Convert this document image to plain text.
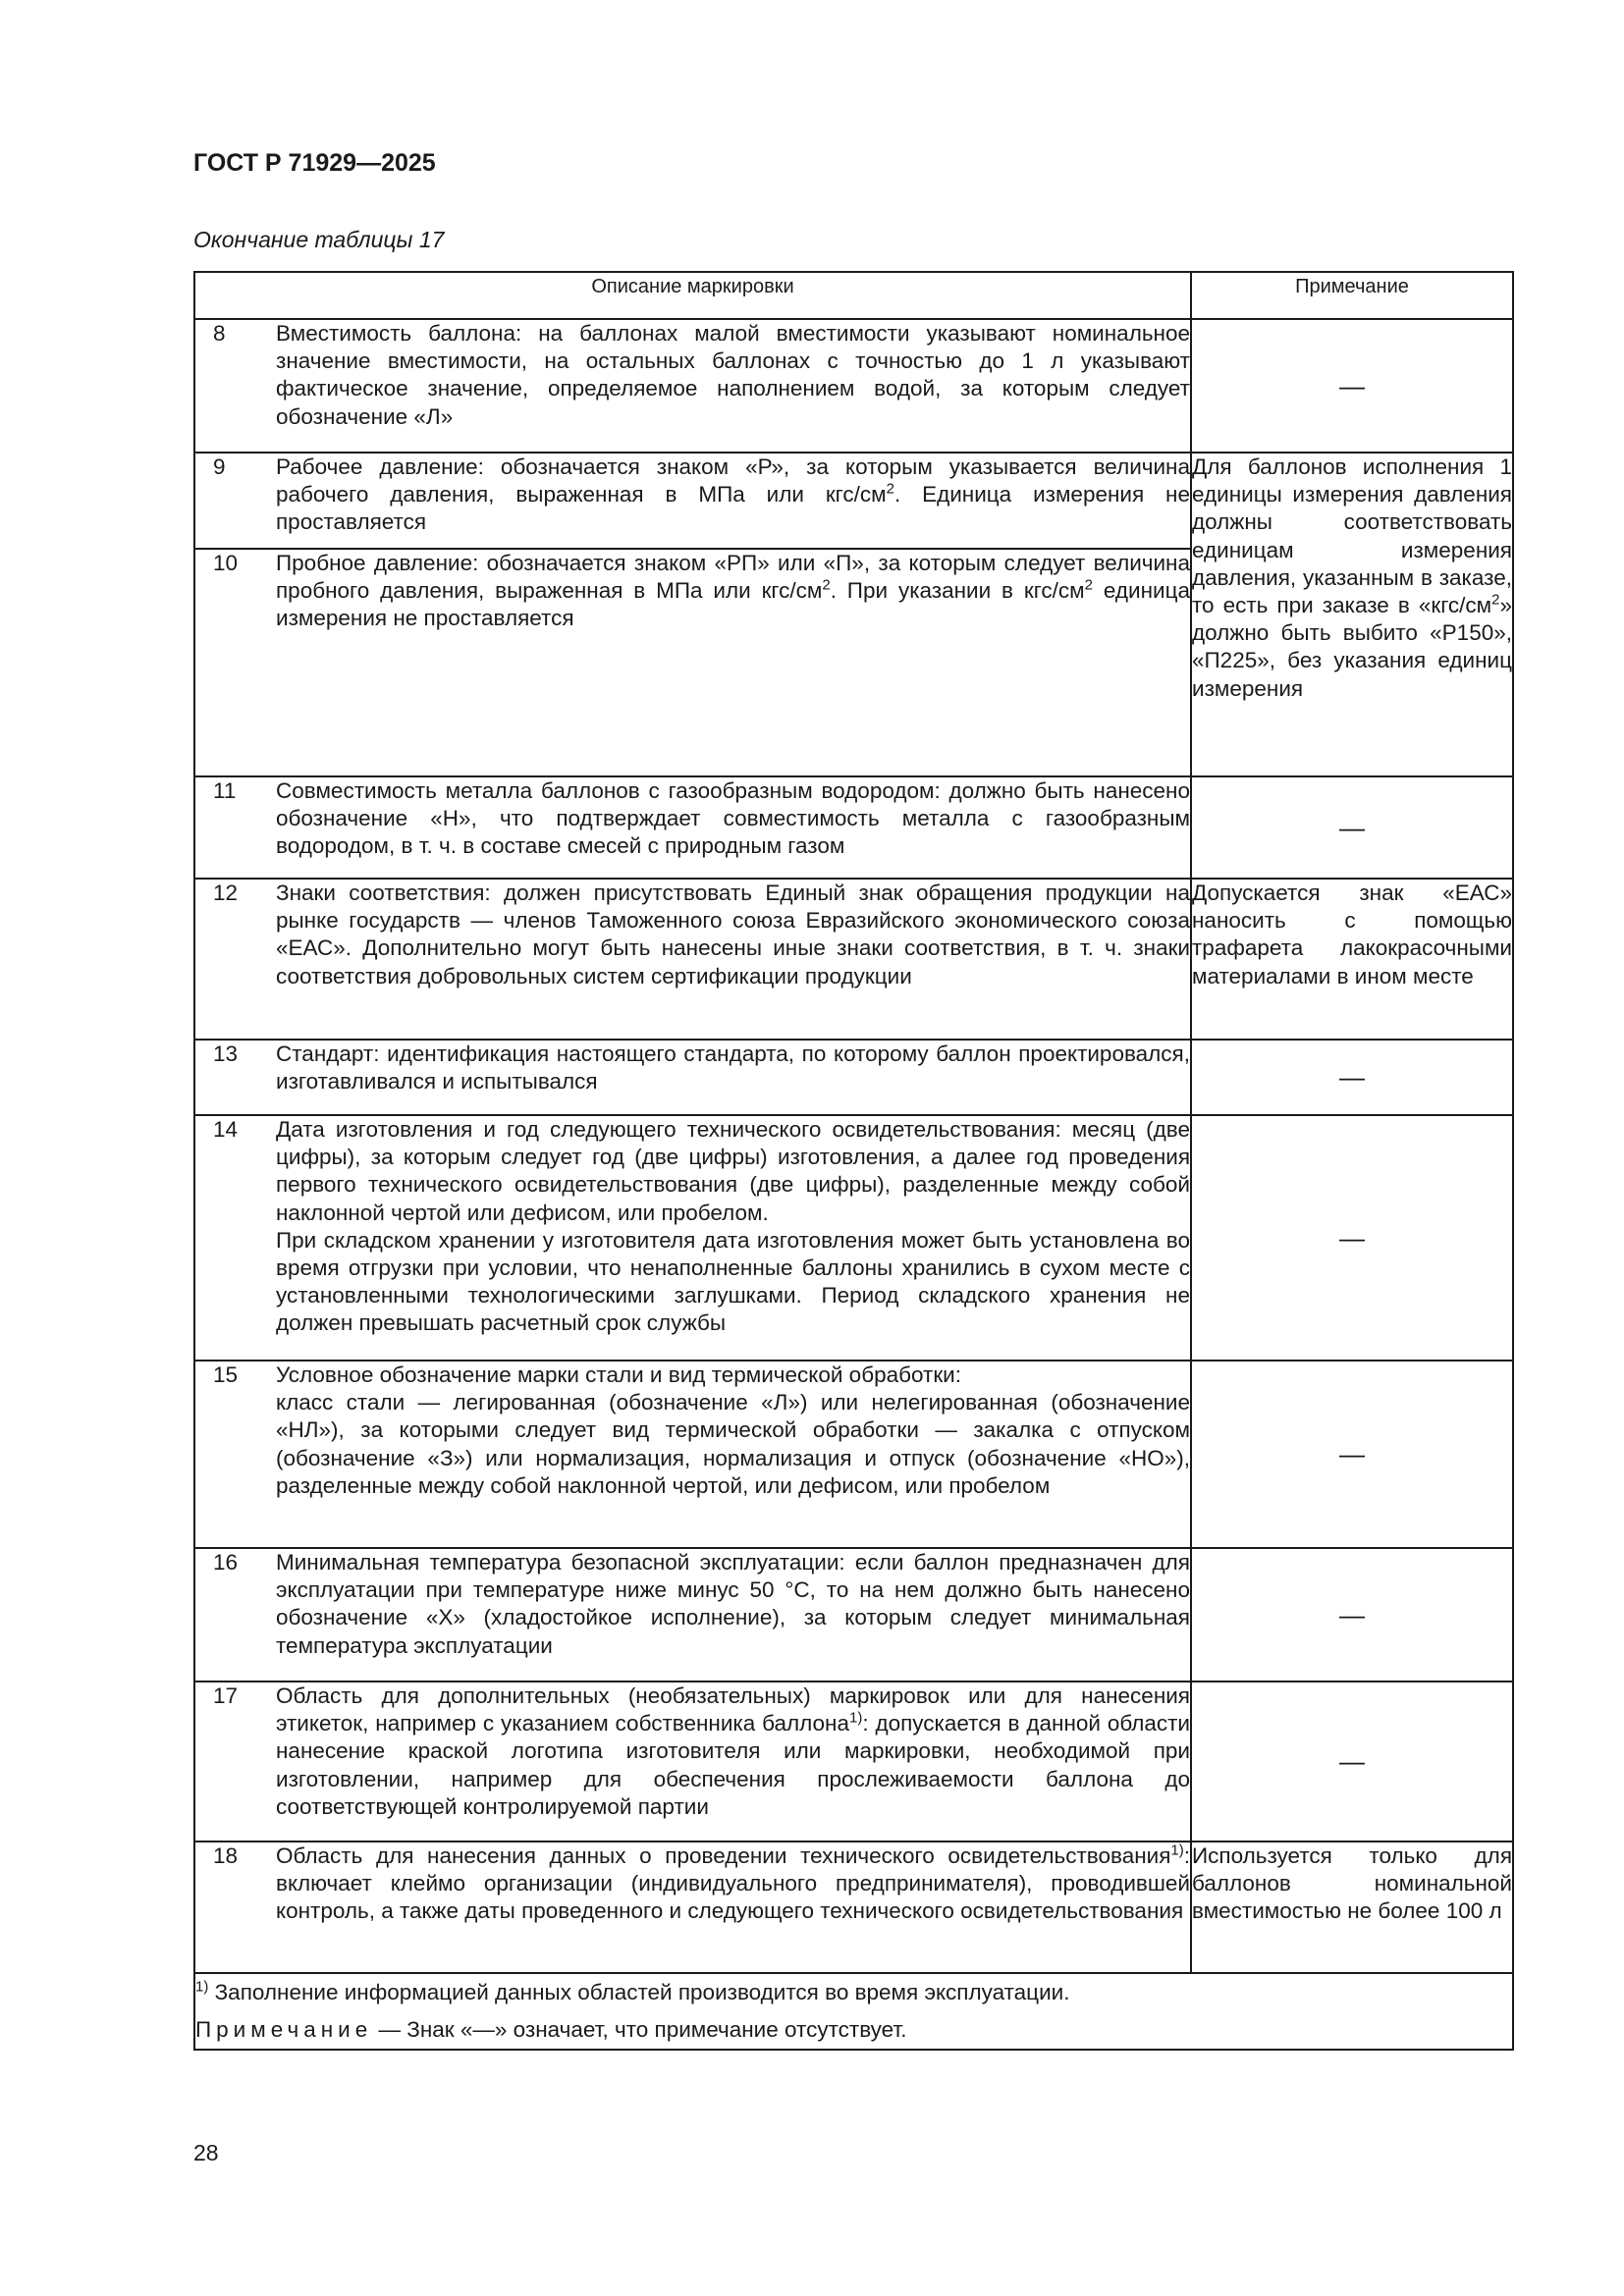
ГОСТ Р 71929—2025
Окончание таблицы 17
Описание маркировки	Примечание

8 Вместимость баллона: на баллонах малой вместимости указывают номинальное значение вместимости, на остальных баллонах с точностью до 1 л указывают фактическое значение, определяемое наполнением водой, за которым следует обозначение «Л»	—

9 Рабочее давление: обозначается знаком «Р», за которым указывается величина рабочего давления, выраженная в МПа или кгс/$см^2$. Единица измерения не проставляется	Для баллонов исполнения 1 единицы измерения давления должны соответствовать единицам измерения давления, указанным в заказе, то есть при заказе в «$кгс/см^2$» должно быть выбито «Р150», «П225», без указания единиц измерения

10 Пробное давление: обозначается знаком «РП» или «П», за которым следует величина пробного давления, выраженная в МПа или кгс/$см^2$. При указании в кгс/$см^2$ единица измерения не проставляется	

11 Совместимость металла баллонов с газообразным водородом: должно быть нанесено обозначение «Н», что подтверждает совместимость металла с газообразным водородом, в т. ч. в составе смесей с природным газом	—

12 Знаки соответствия: должен присутствовать Единый знак обращения продукции на рынке государств — членов Таможенного союза Евразийского экономического союза «ЕАС». Дополнительно могут быть нанесены иные знаки соответствия, в т. ч. знаки соответствия добровольных систем сертификации продукции	Допускается знак «ЕАС» наносить с помощью трафарета лакокрасочными материалами в ином месте

13 Стандарт: идентификация настоящего стандарта, по которому баллон проектировался, изготавливался и испытывался	—

14 Дата изготовления и год следующего технического освидетельствования: месяц (две цифры), за которым следует год (две цифры) изготовления, а далее год проведения первого технического освидетельствования (две цифры), разделенные между собой наклонной чертой или дефисом, или пробелом.
При складском хранении у изготовителя дата изготовления может быть установлена во время отгрузки при условии, что ненаполненные баллоны хранились в сухом месте с установленными технологическими заглушками. Период складского хранения не должен превышать расчетный срок службы	—

15 Условное обозначение марки стали и вид термической обработки:
класс стали — легированная (обозначение «Л») или нелегированная (обозначение «НЛ»), за которыми следует вид термической обработки — закалка с отпуском (обозначение «З») или нормализация, нормализация и отпуск (обозначение «НО»), разделенные между собой наклонной чертой, или дефисом, или пробелом	—

16 Минимальная температура безопасной эксплуатации: если баллон предназначен для эксплуатации при температуре ниже минус 50 °С, то на нем должно быть нанесено обозначение «Х» (хладостойкое исполнение), за которым следует минимальная температура эксплуатации	—

17 Область для дополнительных (необязательных) маркировок или для нанесения этикеток, например с указанием собственника баллона$^{1)}$: допускается в данной области нанесение краской логотипа изготовителя или маркировки, необходимой при изготовлении, например для обеспечения прослеживаемости баллона до соответствующей контролируемой партии	—

18 Область для нанесения данных о проведении технического освидетельствования$^{1)}$: включает клеймо организации (индивидуального предпринимателя), проводившей контроль, а также даты проведенного и следующего технического освидетельствования	Используется только для баллонов номинальной вместимостью не более 100 л

$^{1)}$ Заполнение информацией данных областей производится во время эксплуатации.
Примечание — Знак «—» означает, что примечание отсутствует.	
28
